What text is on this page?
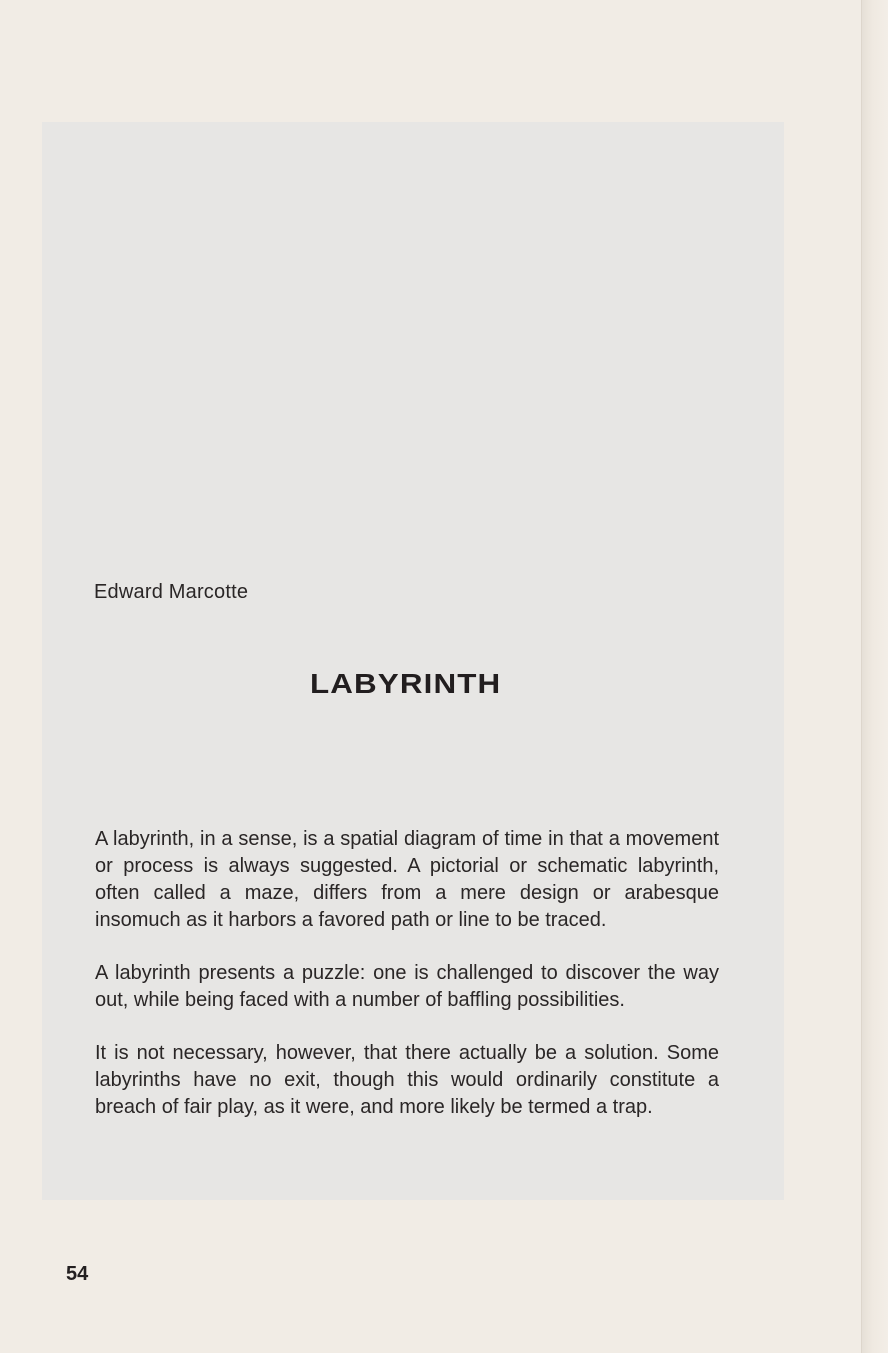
Edward Marcotte
LABYRINTH

A labyrinth, in a sense, is a spatial diagram of time in that a movement or process is always suggested. A pictorial or schematic labyrinth, often called a maze, differs from a mere design or arabesque insomuch as it harbors a favored path or line to be traced.

A labyrinth presents a puzzle: one is challenged to discover the way out, while being faced with a number of baffling possibilities.

It is not necessary, however, that there actually be a solution. Some labyrinths have no exit, though this would ordinarily constitute a breach of fair play, as it were, and more likely be termed a trap.

54
